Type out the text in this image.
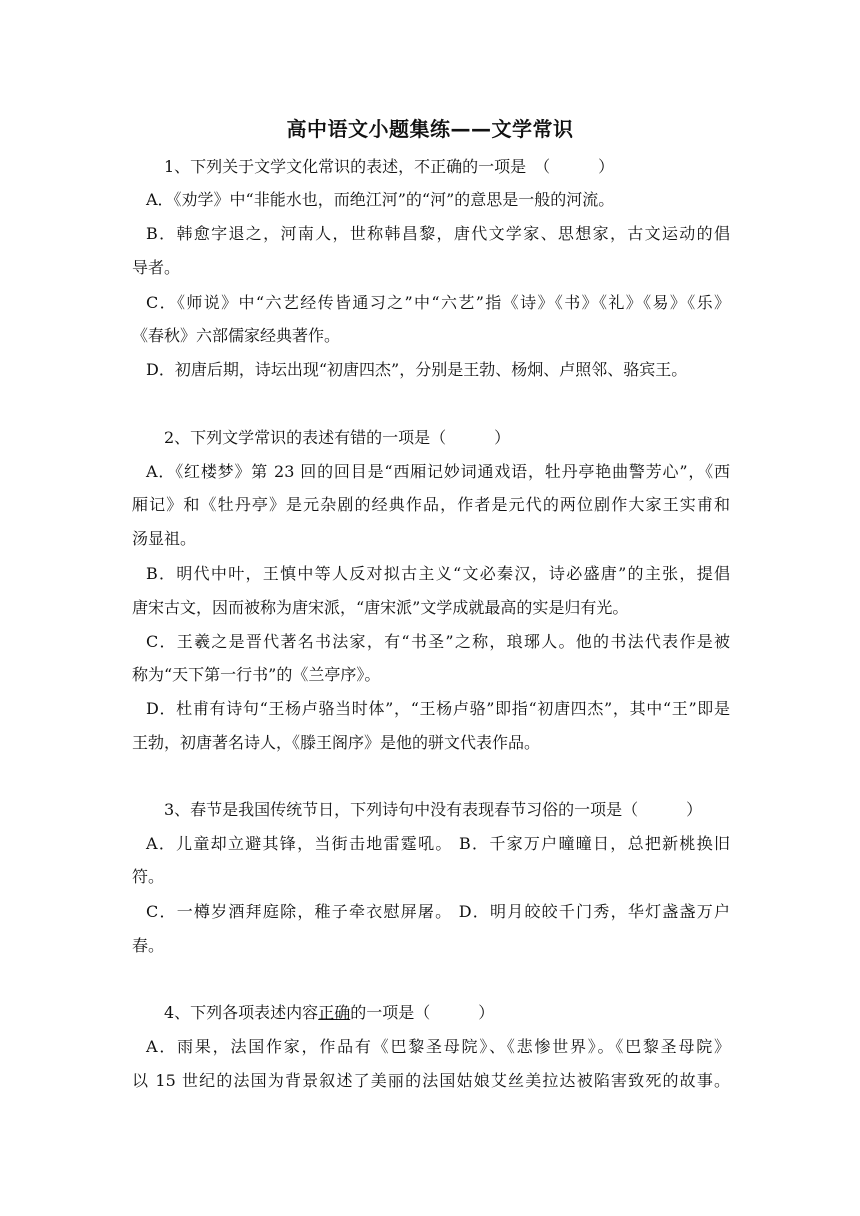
高中语文小题集练——文学常识
1、下列关于文学文化常识的表述，不正确的一项是　（　　　）
A．《劝学》中“非能水也，而绝江河”的“河”的意思是一般的河流。
B．韩愈字退之，河南人，世称韩昌黎，唐代文学家、思想家，古文运动的倡
导者。
C．《师说》中“六艺经传皆通习之”中“六艺”指《诗》《书》《礼》《易》《乐》
《春秋》六部儒家经典著作。
D．初唐后期，诗坛出现“初唐四杰”，分别是王勃、杨炯、卢照邻、骆宾王。
2、下列文学常识的表述有错的一项是（　　　）
A．《红楼梦》第 23 回的回目是“西厢记妙词通戏语，牡丹亭艳曲警芳心”，《西
厢记》和《牡丹亭》是元杂剧的经典作品，作者是元代的两位剧作大家王实甫和
汤显祖。
B．明代中叶，王慎中等人反对拟古主义“文必秦汉，诗必盛唐”的主张，提倡
唐宋古文，因而被称为唐宋派，“唐宋派”文学成就最高的实是归有光。
C．王羲之是晋代著名书法家，有“书圣”之称，琅琊人。他的书法代表作是被
称为“天下第一行书”的《兰亭序》。
D．杜甫有诗句“王杨卢骆当时体”，“王杨卢骆”即指“初唐四杰”，其中“王”即是
王勃，初唐著名诗人，《滕王阁序》是他的骈文代表作品。
3、春节是我国传统节日，下列诗句中没有表现春节习俗的一项是（　　　）
A．儿童却立避其锋，当街击地雷霆吼。 B．千家万户曈曈日，总把新桃换旧
符。
C．一樽岁酒拜庭除，稚子牵衣慰屏屠。 D．明月皎皎千门秀，华灯盏盏万户
春。
4、下列各项表述内容正确的一项是（　　　）
A．雨果，法国作家，作品有《巴黎圣母院》、《悲惨世界》。《巴黎圣母院》
以 15 世纪的法国为背景叙述了美丽的法国姑娘艾丝美拉达被陷害致死的故事。
